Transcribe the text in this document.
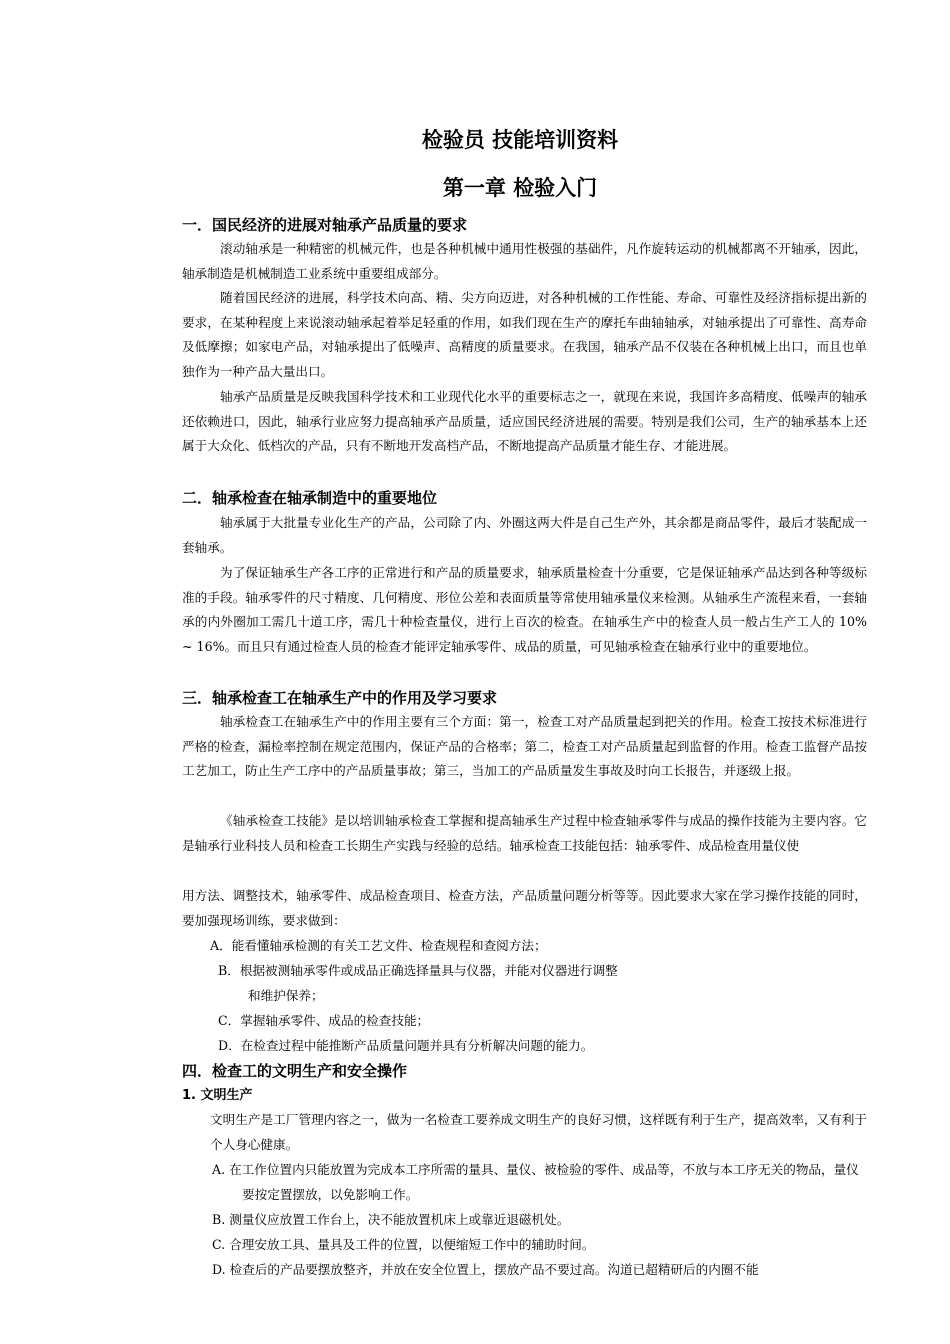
检验员 技能培训资料
第一章 检验入门
一．国民经济的进展对轴承产品质量的要求

滚动轴承是一种精密的机械元件，也是各种机械中通用性极强的基础件，凡作旋转运动的机械都离不开轴承，因此，轴承制造是机械制造工业系统中重要组成部分。

随着国民经济的进展，科学技术向高、精、尖方向迈进，对各种机械的工作性能、寿命、可靠性及经济指标提出新的要求，在某种程度上来说滚动轴承起着举足轻重的作用，如我们现在生产的摩托车曲轴轴承，对轴承提出了可靠性、高寿命及低摩擦；如家电产品，对轴承提出了低噪声、高精度的质量要求。在我国，轴承产品不仅装在各种机械上出口，而且也单独作为一种产品大量出口。

轴承产品质量是反映我国科学技术和工业现代化水平的重要标志之一，就现在来说，我国许多高精度、低噪声的轴承还依赖进口，因此，轴承行业应努力提高轴承产品质量，适应国民经济进展的需要。特别是我们公司，生产的轴承基本上还属于大众化、低档次的产品，只有不断地开发高档产品，不断地提高产品质量才能生存、才能进展。

二．轴承检查在轴承制造中的重要地位

轴承属于大批量专业化生产的产品，公司除了内、外圈这两大件是自己生产外，其余都是商品零件，最后才装配成一套轴承。

为了保证轴承生产各工序的正常进行和产品的质量要求，轴承质量检查十分重要，它是保证轴承产品达到各种等级标准的手段。轴承零件的尺寸精度、几何精度、形位公差和表面质量等常使用轴承量仪来检测。从轴承生产流程来看，一套轴承的内外圈加工需几十道工序，需几十种检查量仪，进行上百次的检查。在轴承生产中的检查人员一般占生产工人的 10% ~ 16%。而且只有通过检查人员的检查才能评定轴承零件、成品的质量，可见轴承检查在轴承行业中的重要地位。

三．轴承检查工在轴承生产中的作用及学习要求

轴承检查工在轴承生产中的作用主要有三个方面：第一，检查工对产品质量起到把关的作用。检查工按技术标准进行严格的检查，漏检率控制在规定范围内，保证产品的合格率；第二，检查工对产品质量起到监督的作用。检查工监督产品按工艺加工，防止生产工序中的产品质量事故；第三，当加工的产品质量发生事故及时向工长报告，并逐级上报。

《轴承检查工技能》是以培训轴承检查工掌握和提高轴承生产过程中检查轴承零件与成品的操作技能为主要内容。它是轴承行业科技人员和检查工长期生产实践与经验的总结。轴承检查工技能包括：轴承零件、成品检查用量仪使

用方法、调整技术，轴承零件、成品检查项目、检查方法，产品质量问题分析等等。因此要求大家在学习操作技能的同时，要加强现场训练，要求做到：

A．能看懂轴承检测的有关工艺文件、检查规程和查阅方法；

B．根据被测轴承零件或成品正确选择量具与仪器，并能对仪器进行调整

和维护保养；

C．掌握轴承零件、成品的检查技能；

D．在检查过程中能推断产品质量问题并具有分析解决问题的能力。

四．检查工的文明生产和安全操作
1. 文明生产

文明生产是工厂管理内容之一，做为一名检查工要养成文明生产的良好习惯，这样既有利于生产，提高效率，又有利于个人身心健康。

A. 在工作位置内只能放置为完成本工序所需的量具、量仪、被检验的零件、成品等，不放与本工序无关的物品，量仪要按定置摆放，以免影响工作。

B. 测量仪应放置工作台上，决不能放置机床上或靠近退磁机处。

C. 合理安放工具、量具及工件的位置，以便缩短工作中的辅助时间。

D. 检查后的产品要摆放整齐，并放在安全位置上，摆放产品不要过高。沟道已超精研后的内圈不能
